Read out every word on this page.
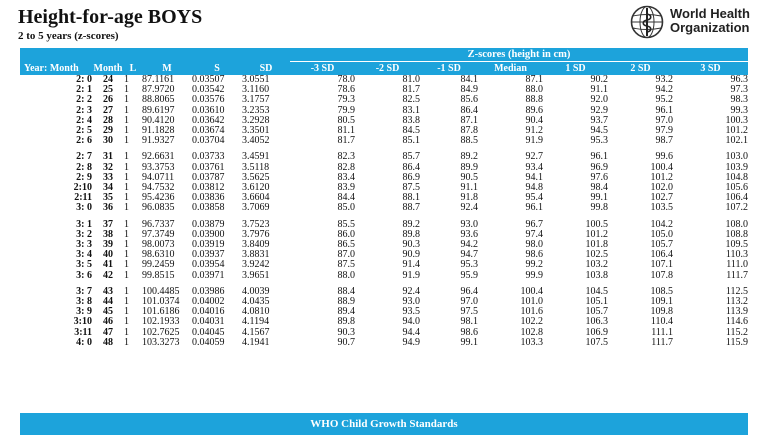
Height-for-age BOYS
2 to 5 years (z-scores)
World Health
Organization
						Z-scores (height in cm)						
Year: Month	Month	L	M	S	SD	-3 SD	-2 SD	-1 SD	Median	1 SD	2 SD	3 SD
2: 0	24	1	87.1161	0.03507	3.0551	78.0	81.0	84.1	87.1	90.2	93.2	96.3
2: 1	25	1	87.9720	0.03542	3.1160	78.6	81.7	84.9	88.0	91.1	94.2	97.3
2: 2	26	1	88.8065	0.03576	3.1757	79.3	82.5	85.6	88.8	92.0	95.2	98.3
2: 3	27	1	89.6197	0.03610	3.2353	79.9	83.1	86.4	89.6	92.9	96.1	99.3
2: 4	28	1	90.4120	0.03642	3.2928	80.5	83.8	87.1	90.4	93.7	97.0	100.3
2: 5	29	1	91.1828	0.03674	3.3501	81.1	84.5	87.8	91.2	94.5	97.9	101.2
2: 6	30	1	91.9327	0.03704	3.4052	81.7	85.1	88.5	91.9	95.3	98.7	102.1

2: 7	31	1	92.6631	0.03733	3.4591	82.3	85.7	89.2	92.7	96.1	99.6	103.0
2: 8	32	1	93.3753	0.03761	3.5118	82.8	86.4	89.9	93.4	96.9	100.4	103.9
2: 9	33	1	94.0711	0.03787	3.5625	83.4	86.9	90.5	94.1	97.6	101.2	104.8
2:10	34	1	94.7532	0.03812	3.6120	83.9	87.5	91.1	94.8	98.4	102.0	105.6
2:11	35	1	95.4236	0.03836	3.6604	84.4	88.1	91.8	95.4	99.1	102.7	106.4
3: 0	36	1	96.0835	0.03858	3.7069	85.0	88.7	92.4	96.1	99.8	103.5	107.2

3: 1	37	1	96.7337	0.03879	3.7523	85.5	89.2	93.0	96.7	100.5	104.2	108.0
3: 2	38	1	97.3749	0.03900	3.7976	86.0	89.8	93.6	97.4	101.2	105.0	108.8
3: 3	39	1	98.0073	0.03919	3.8409	86.5	90.3	94.2	98.0	101.8	105.7	109.5
3: 4	40	1	98.6310	0.03937	3.8831	87.0	90.9	94.7	98.6	102.5	106.4	110.3
3: 5	41	1	99.2459	0.03954	3.9242	87.5	91.4	95.3	99.2	103.2	107.1	111.0
3: 6	42	1	99.8515	0.03971	3.9651	88.0	91.9	95.9	99.9	103.8	107.8	111.7

3: 7	43	1	100.4485	0.03986	4.0039	88.4	92.4	96.4	100.4	104.5	108.5	112.5
3: 8	44	1	101.0374	0.04002	4.0435	88.9	93.0	97.0	101.0	105.1	109.1	113.2
3: 9	45	1	101.6186	0.04016	4.0810	89.4	93.5	97.5	101.6	105.7	109.8	113.9
3:10	46	1	102.1933	0.04031	4.1194	89.8	94.0	98.1	102.2	106.3	110.4	114.6
3:11	47	1	102.7625	0.04045	4.1567	90.3	94.4	98.6	102.8	106.9	111.1	115.2
4: 0	48	1	103.3273	0.04059	4.1941	90.7	94.9	99.1	103.3	107.5	111.7	115.9
WHO Child Growth Standards
